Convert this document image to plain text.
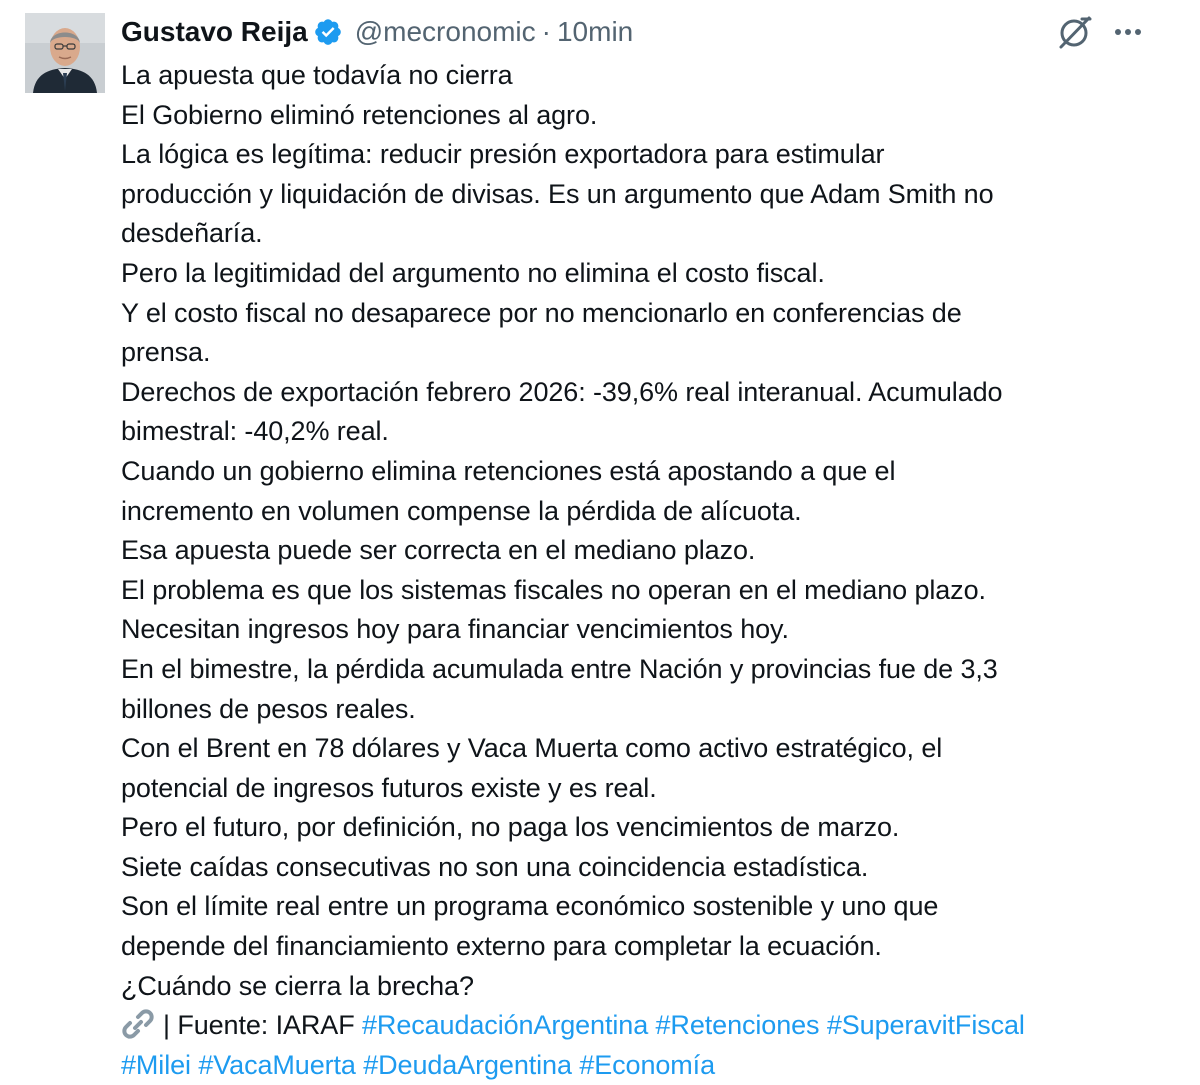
Gustavo Reija @mecronomic · 10min
La apuesta que todavía no cierra
El Gobierno eliminó retenciones al agro.
La lógica es legítima: reducir presión exportadora para estimular
producción y liquidación de divisas. Es un argumento que Adam Smith no
desdeñaría.
Pero la legitimidad del argumento no elimina el costo fiscal.
Y el costo fiscal no desaparece por no mencionarlo en conferencias de
prensa.
Derechos de exportación febrero 2026: -39,6% real interanual. Acumulado
bimestral: -40,2% real.
Cuando un gobierno elimina retenciones está apostando a que el
incremento en volumen compense la pérdida de alícuota.
Esa apuesta puede ser correcta en el mediano plazo.
El problema es que los sistemas fiscales no operan en el mediano plazo.
Necesitan ingresos hoy para financiar vencimientos hoy.
En el bimestre, la pérdida acumulada entre Nación y provincias fue de 3,3
billones de pesos reales.
Con el Brent en 78 dólares y Vaca Muerta como activo estratégico, el
potencial de ingresos futuros existe y es real.
Pero el futuro, por definición, no paga los vencimientos de marzo.
Siete caídas consecutivas no son una coincidencia estadística.
Son el límite real entre un programa económico sostenible y uno que
depende del financiamiento externo para completar la ecuación.
¿Cuándo se cierra la brecha?
| Fuente: IARAF #RecaudaciónArgentina #Retenciones #SuperavitFiscal
#Milei #VacaMuerta #DeudaArgentina #Economía
